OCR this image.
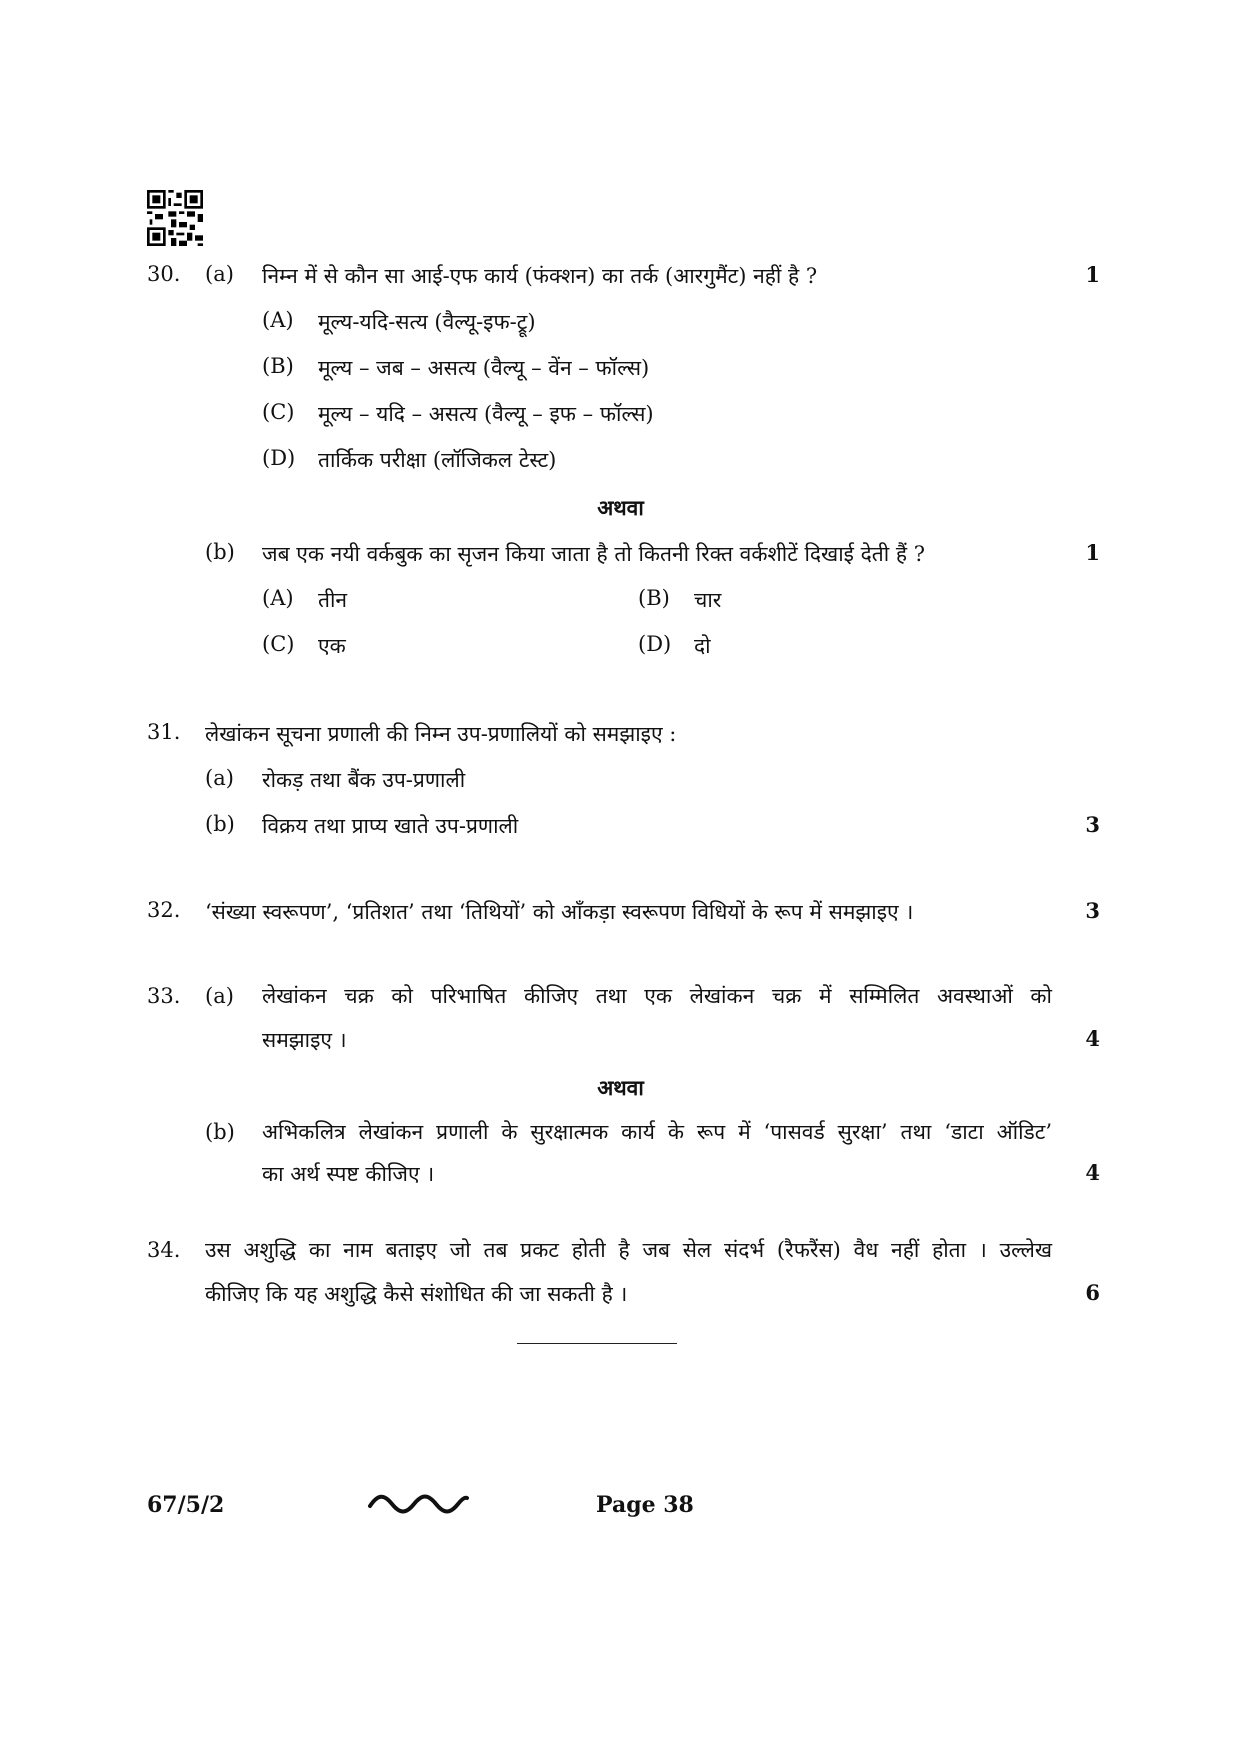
30. (a) निम्न में से कौन सा आई-एफ कार्य (फंक्शन) का तर्क (आरगुमैंट) नहीं है ?	1
(A) मूल्य-यदि-सत्य (वैल्यू-इफ-ट्रू)
(B) मूल्य – जब – असत्य (वैल्यू – वेंन – फॉल्स)
(C) मूल्य – यदि – असत्य (वैल्यू – इफ – फॉल्स)
(D) तार्किक परीक्षा (लॉजिकल टेस्ट)
अथवा
(b) जब एक नयी वर्कबुक का सृजन किया जाता है तो कितनी रिक्त वर्कशीटें दिखाई देती हैं ?	1
(A) तीन	(B) चार
(C) एक	(D) दो
31. लेखांकन सूचना प्रणाली की निम्न उप-प्रणालियों को समझाइए :
(a) रोकड़ तथा बैंक उप-प्रणाली
(b) विक्रय तथा प्राप्य खाते उप-प्रणाली	3
32. ‘संख्या स्वरूपण’, ‘प्रतिशत’ तथा ‘तिथियों’ को आँकड़ा स्वरूपण विधियों के रूप में समझाइए ।	3
33. (a) लेखांकन चक्र को परिभाषित कीजिए तथा एक लेखांकन चक्र में सम्मिलित अवस्थाओं को
समझाइए ।	4
अथवा
(b) अभिकलित्र लेखांकन प्रणाली के सुरक्षात्मक कार्य के रूप में ‘पासवर्ड सुरक्षा’ तथा ‘डाटा ऑडिट’
का अर्थ स्पष्ट कीजिए ।	4
34. उस अशुद्धि का नाम बताइए जो तब प्रकट होती है जब सेल संदर्भ (रैफरैंस) वैध नहीं होता । उल्लेख
कीजिए कि यह अशुद्धि कैसे संशोधित की जा सकती है ।	6
67/5/2	Page 38
